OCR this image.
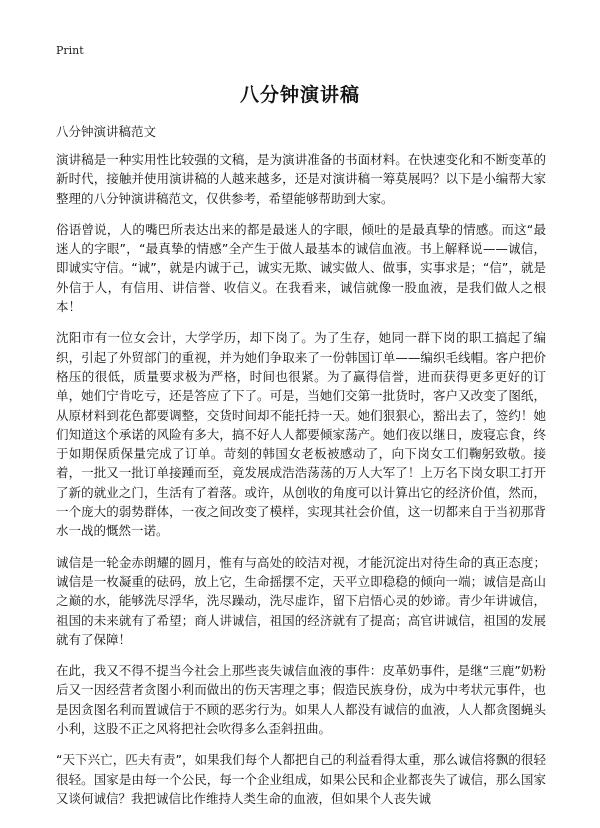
Print
八分钟演讲稿

八分钟演讲稿范文

演讲稿是一种实用性比较强的文稿，是为演讲准备的书面材料。在快速变化和不断变革的新时代，接触并使用演讲稿的人越来越多，还是对演讲稿一筹莫展吗？以下是小编帮大家整理的八分钟演讲稿范文，仅供参考，希望能够帮助到大家。

俗语曾说，人的嘴巴所表达出来的都是最迷人的字眼，倾吐的是最真挚的情感。而这“最迷人的字眼”，“最真挚的情感”全产生于做人最基本的诚信血液。书上解释说——诚信，即诚实守信。“诚”，就是内诚于己，诚实无欺、诚实做人、做事，实事求是；“信”，就是外信于人，有信用、讲信誉、收信义。在我看来，诚信就像一股血液，是我们做人之根本！

沈阳市有一位女会计，大学学历，却下岗了。为了生存，她同一群下岗的职工搞起了编织，引起了外贸部门的重视，并为她们争取来了一份韩国订单——编织毛线帽。客户把价格压的很低，质量要求极为严格，时间也很紧。为了赢得信誉，进而获得更多更好的订单，她们宁肯吃亏，还是答应了下了。可是，当她们交第一批货时，客户又改变了图纸，从原材料到花色都要调整，交货时间却不能托持一天。她们狠狠心，豁出去了，签约！她们知道这个承诺的风险有多大，搞不好人人都要倾家荡产。她们夜以继日，废寝忘食，终于如期保质保量完成了订单。苛刻的韩国女老板被感动了，向下岗女工们鞠躬致敬。接着，一批又一批订单接踵而至，竟发展成浩浩荡荡的万人大军了！上万名下岗女职工打开了新的就业之门，生活有了着落。或许，从创收的角度可以计算出它的经济价值，然而，一个庞大的弱势群体，一夜之间改变了模样，实现其社会价值，这一切都来自于当初那背水一战的慨然一诺。

诚信是一轮金赤朗耀的圆月，惟有与高处的皎洁对视，才能沉淀出对待生命的真正态度；诚信是一枚凝重的砝码，放上它，生命摇摆不定，天平立即稳稳的倾向一端；诚信是高山之巅的水，能够洗尽浮华，洗尽躁动，洗尽虚诈，留下启悟心灵的妙谛。青少年讲诚信，祖国的未来就有了希望；商人讲诚信，祖国的经济就有了提高；高官讲诚信，祖国的发展就有了保障！

在此，我又不得不提当今社会上那些丧失诚信血液的事件：皮革奶事件，是继“三鹿”奶粉后又一因经营者贪图小利而做出的伤天害理之事；假造民族身份，成为中考状元事件，也是因贪图名利而置诚信于不顾的恶劣行为。如果人人都没有诚信的血液，人人都贪图蝇头小利，这股不正之风将把社会吹得多么歪斜扭曲。

“天下兴亡，匹夫有责”，如果我们每个人都把自己的利益看得太重，那么诚信将飘的很轻很轻。国家是由每一个公民，每一个企业组成，如果公民和企业都丧失了诚信，那么国家又谈何诚信？我把诚信比作维持人类生命的血液，但如果个人丧失诚
